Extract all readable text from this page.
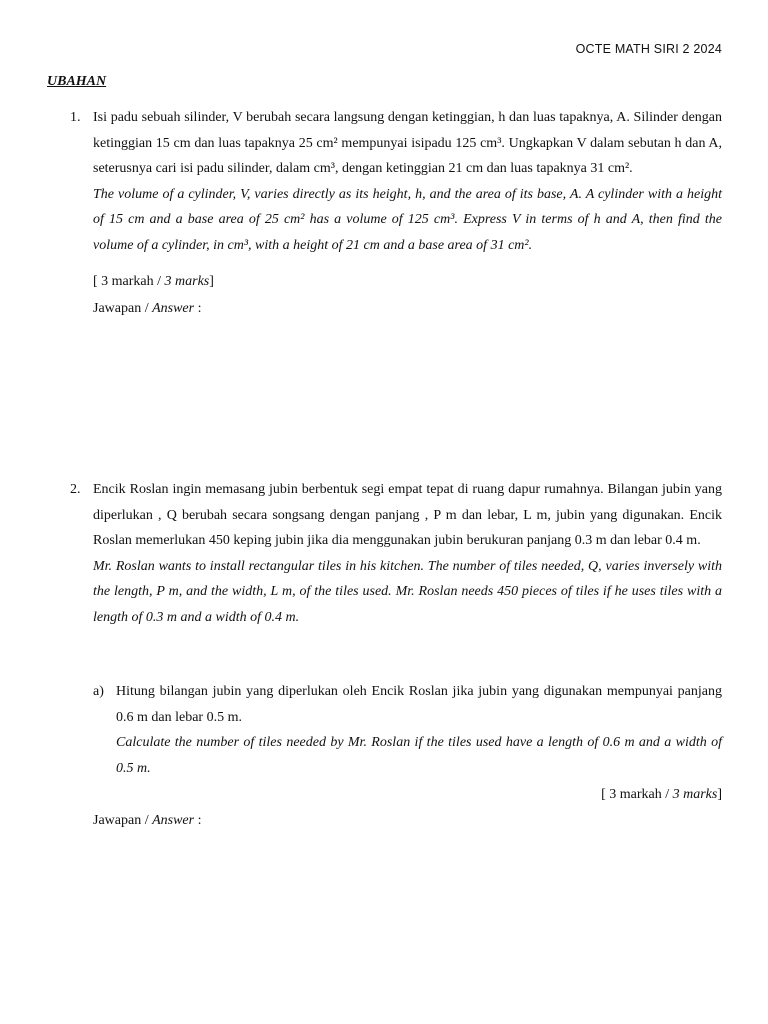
OCTE MATH SIRI 2 2024
UBAHAN
1. Isi padu sebuah silinder, V berubah secara langsung dengan ketinggian, h dan luas tapaknya, A. Silinder dengan ketinggian 15 cm dan luas tapaknya 25 cm² mempunyai isipadu 125 cm³. Ungkapkan V dalam sebutan h dan A, seterusnya cari isi padu silinder, dalam cm³, dengan ketinggian 21 cm dan luas tapaknya 31 cm².

The volume of a cylinder, V, varies directly as its height, h, and the area of its base, A. A cylinder with a height of 15 cm and a base area of 25 cm² has a volume of 125 cm³. Express V in terms of h and A, then find the volume of a cylinder, in cm³, with a height of 21 cm and a base area of 31 cm².

[ 3 markah / 3 marks]
Jawapan / Answer :
2. Encik Roslan ingin memasang jubin berbentuk segi empat tepat di ruang dapur rumahnya. Bilangan jubin yang diperlukan , Q berubah secara songsang dengan panjang , P m dan lebar, L m, jubin yang digunakan. Encik Roslan memerlukan 450 keping jubin jika dia menggunakan jubin berukuran panjang 0.3 m dan lebar 0.4 m.

Mr. Roslan wants to install rectangular tiles in his kitchen. The number of tiles needed, Q, varies inversely with the length, P m, and the width, L m, of the tiles used. Mr. Roslan needs 450 pieces of tiles if he uses tiles with a length of 0.3 m and a width of 0.4 m.

a) Hitung bilangan jubin yang diperlukan oleh Encik Roslan jika jubin yang digunakan mempunyai panjang 0.6 m dan lebar 0.5 m.

Calculate the number of tiles needed by Mr. Roslan if the tiles used have a length of 0.6 m and a width of 0.5 m.

[ 3 markah / 3 marks]
Jawapan / Answer :
